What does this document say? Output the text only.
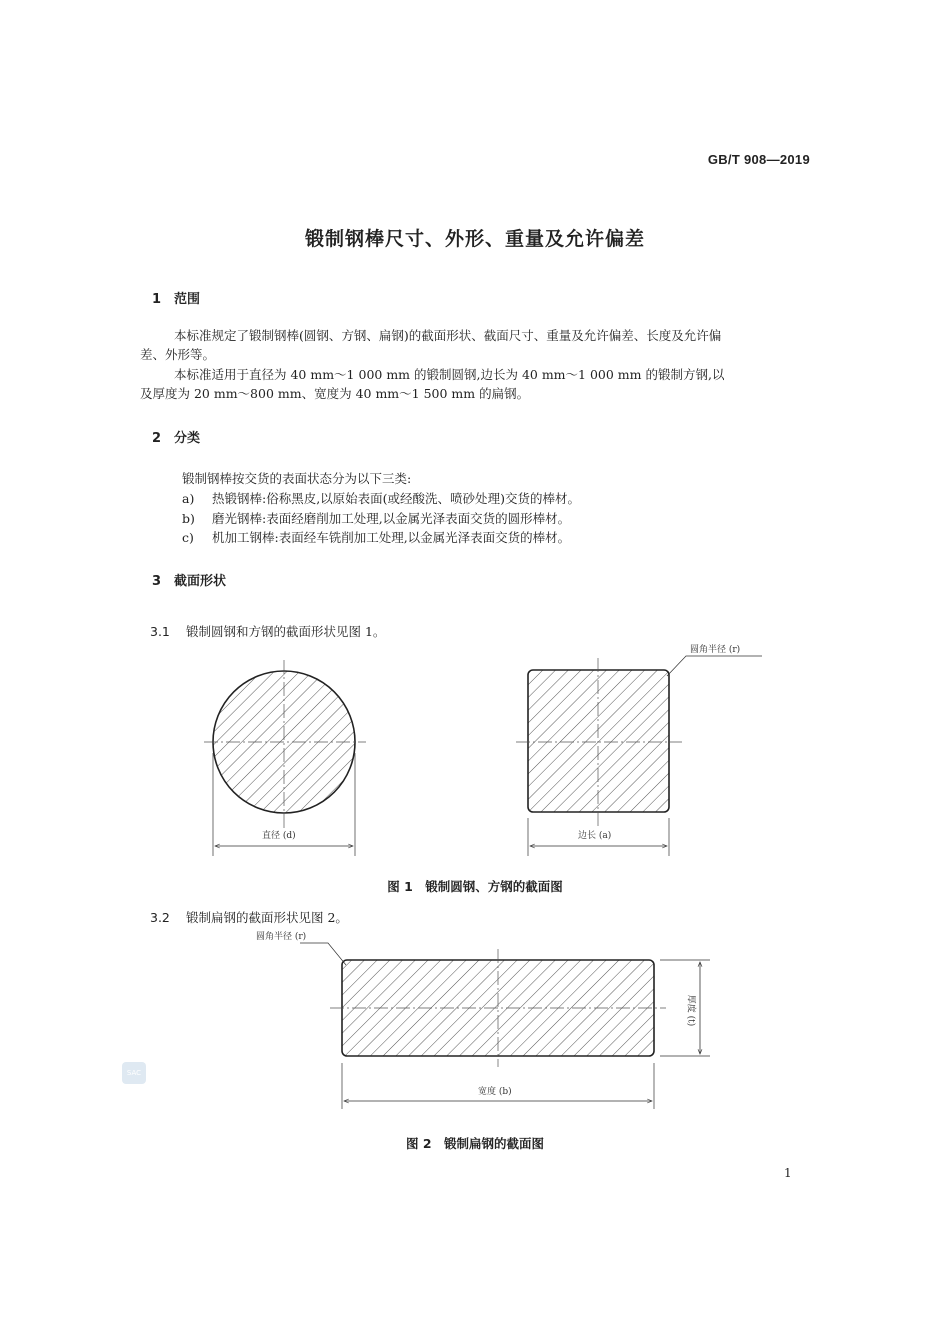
GB/T 908—2019
锻制钢棒尺寸、外形、重量及允许偏差
1 范围
本标准规定了锻制钢棒(圆钢、方钢、扁钢)的截面形状、截面尺寸、重量及允许偏差、长度及允许偏
差、外形等。
本标准适用于直径为 40 mm～1 000 mm 的锻制圆钢,边长为 40 mm～1 000 mm 的锻制方钢,以
及厚度为 20 mm～800 mm、宽度为 40 mm～1 500 mm 的扁钢。
2 分类
锻制钢棒按交货的表面状态分为以下三类:
a) 热锻钢棒:俗称黑皮,以原始表面(或经酸洗、喷砂处理)交货的棒材。
b) 磨光钢棒:表面经磨削加工处理,以金属光泽表面交货的圆形棒材。
c) 机加工钢棒:表面经车铣削加工处理,以金属光泽表面交货的棒材。
3 截面形状
3.1 锻制圆钢和方钢的截面形状见图 1。
直径 (d)	边长 (a)
圆角半径 (r)
图 1　锻制圆钢、方钢的截面图
3.2 锻制扁钢的截面形状见图 2。
圆角半径 (r)
厚度 (t)
宽度 (b)
图 2　锻制扁钢的截面图
SAC
1
